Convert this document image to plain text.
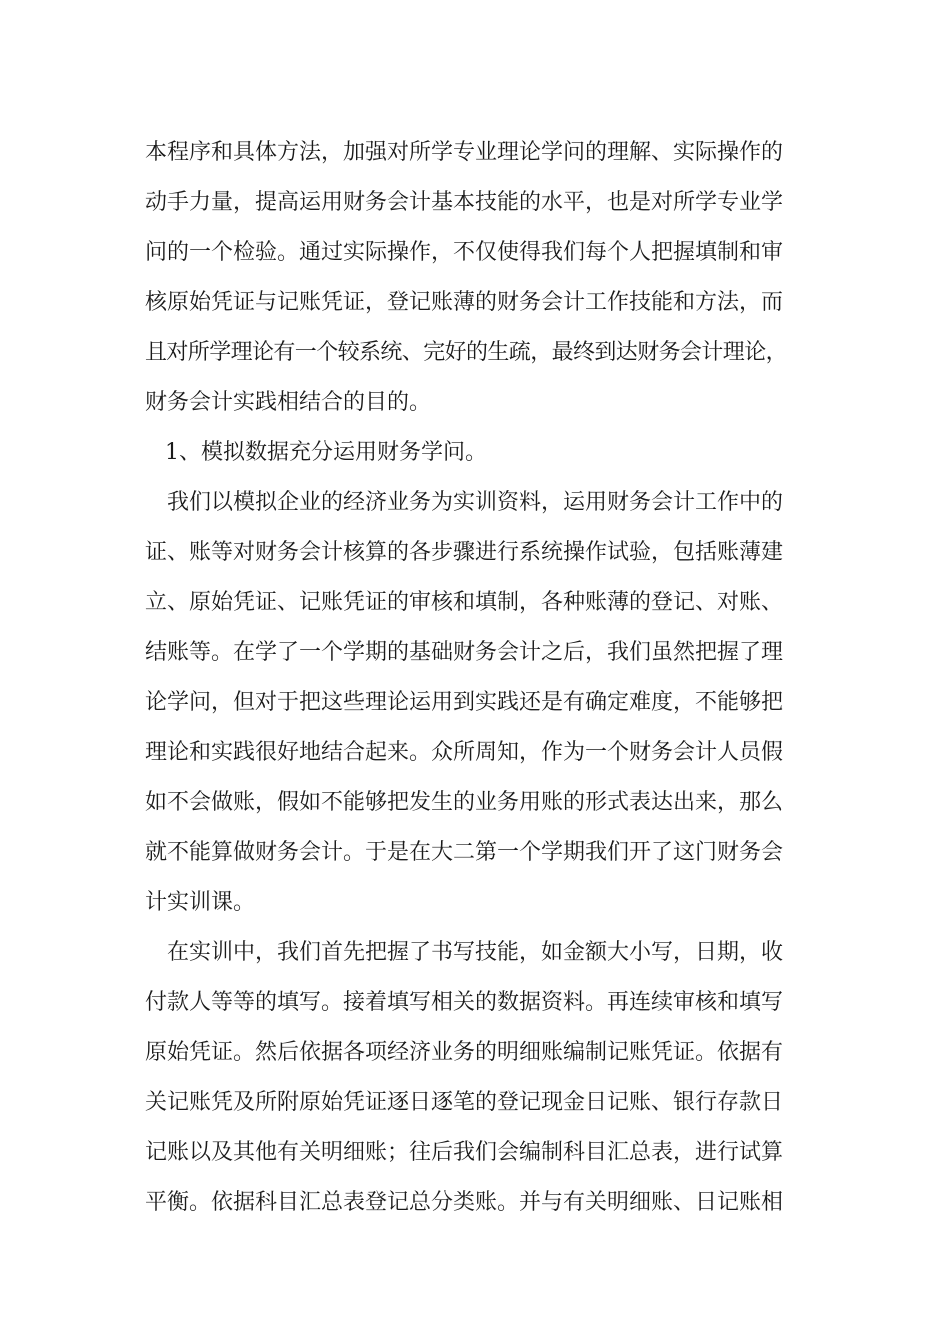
本程序和具体方法，加强对所学专业理论学问的理解、实际操作的
动手力量，提高运用财务会计基本技能的水平，也是对所学专业学
问的一个检验。通过实际操作，不仅使得我们每个人把握填制和审
核原始凭证与记账凭证，登记账薄的财务会计工作技能和方法，而
且对所学理论有一个较系统、完好的生疏，最终到达财务会计理论，
财务会计实践相结合的目的。
1、模拟数据充分运用财务学问。
我们以模拟企业的经济业务为实训资料，运用财务会计工作中的
证、账等对财务会计核算的各步骤进行系统操作试验，包括账薄建
立、原始凭证、记账凭证的审核和填制，各种账薄的登记、对账、
结账等。在学了一个学期的基础财务会计之后，我们虽然把握了理
论学问，但对于把这些理论运用到实践还是有确定难度，不能够把
理论和实践很好地结合起来。众所周知，作为一个财务会计人员假
如不会做账，假如不能够把发生的业务用账的形式表达出来，那么
就不能算做财务会计。于是在大二第一个学期我们开了这门财务会
计实训课。
在实训中，我们首先把握了书写技能，如金额大小写，日期，收
付款人等等的填写。接着填写相关的数据资料。再连续审核和填写
原始凭证。然后依据各项经济业务的明细账编制记账凭证。依据有
关记账凭及所附原始凭证逐日逐笔的登记现金日记账、银行存款日
记账以及其他有关明细账；往后我们会编制科目汇总表，进行试算
平衡。依据科目汇总表登记总分类账。并与有关明细账、日记账相
